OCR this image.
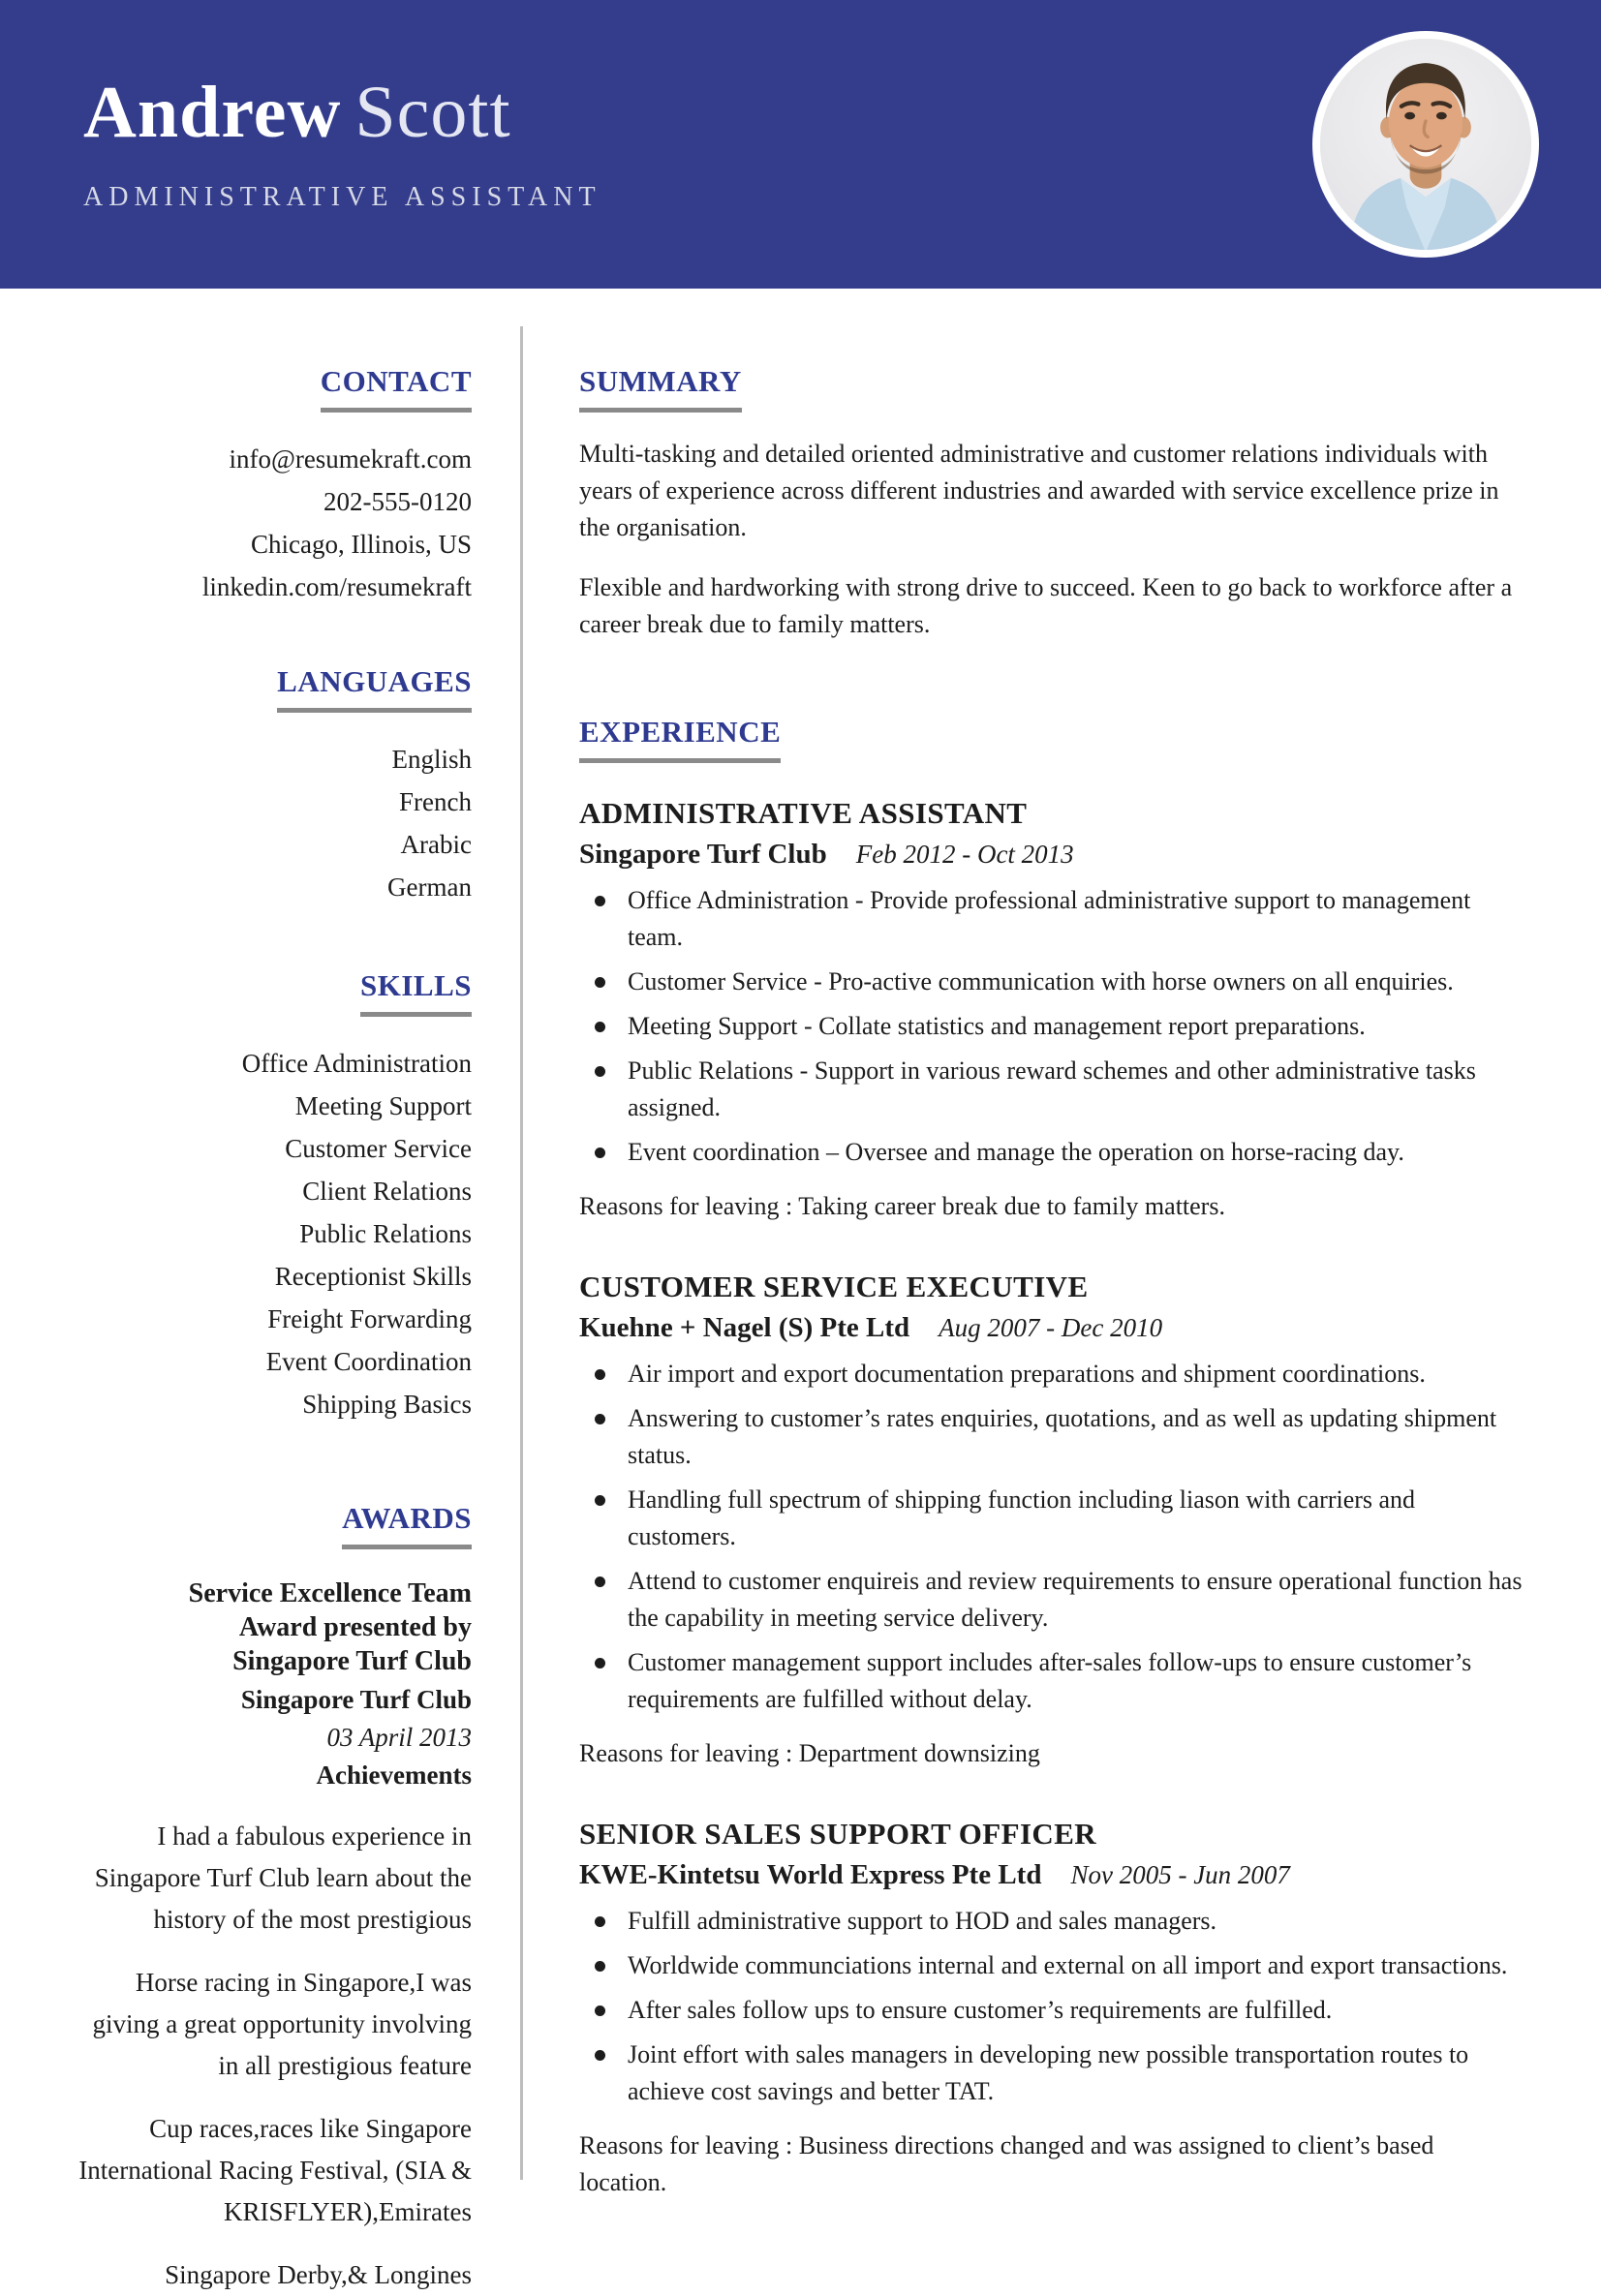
Andrew Scott
ADMINISTRATIVE ASSISTANT
CONTACT
info@resumekraft.com
202-555-0120
Chicago, Illinois, US
linkedin.com/resumekraft
LANGUAGES
English
French
Arabic
German
SKILLS
Office Administration
Meeting Support
Customer Service
Client Relations
Public Relations
Receptionist Skills
Freight Forwarding
Event Coordination
Shipping Basics
AWARDS
Service Excellence Team Award presented by Singapore Turf Club
Singapore Turf Club
03 April 2013
Achievements

I had a fabulous experience in Singapore Turf Club learn about the history of the most prestigious

Horse racing in Singapore,I was giving a great opportunity involving in all prestigious feature

Cup races,races like Singapore International Racing Festival, (SIA & KRISFLYER),Emirates

Singapore Derby,& Longines

SUMMARY

Multi-tasking and detailed oriented administrative and customer relations individuals with years of experience across different industries and awarded with service excellence prize in the organisation.

Flexible and hardworking with strong drive to succeed. Keen to go back to workforce after a career break due to family matters.

EXPERIENCE
ADMINISTRATIVE ASSISTANT
Singapore Turf Club Feb 2012 - Oct 2013
Office Administration - Provide professional administrative support to management team.
Customer Service - Pro-active communication with horse owners on all enquiries.
Meeting Support - Collate statistics and management report preparations.
Public Relations - Support in various reward schemes and other administrative tasks assigned.
Event coordination – Oversee and manage the operation on horse-racing day.

Reasons for leaving : Taking career break due to family matters.

CUSTOMER SERVICE EXECUTIVE
Kuehne + Nagel (S) Pte Ltd Aug 2007 - Dec 2010
Air import and export documentation preparations and shipment coordinations.
Answering to customer’s rates enquiries, quotations, and as well as updating shipment status.
Handling full spectrum of shipping function including liason with carriers and customers.
Attend to customer enquireis and review requirements to ensure operational function has the capability in meeting service delivery.
Customer management support includes after-sales follow-ups to ensure customer’s requirements are fulfilled without delay.

Reasons for leaving : Department downsizing

SENIOR SALES SUPPORT OFFICER
KWE-Kintetsu World Express Pte Ltd Nov 2005 - Jun 2007
Fulfill administrative support to HOD and sales managers.
Worldwide communciations internal and external on all import and export transactions.
After sales follow ups to ensure customer’s requirements are fulfilled.
Joint effort with sales managers in developing new possible transportation routes to achieve cost savings and better TAT.

Reasons for leaving : Business directions changed and was assigned to client’s based location.
